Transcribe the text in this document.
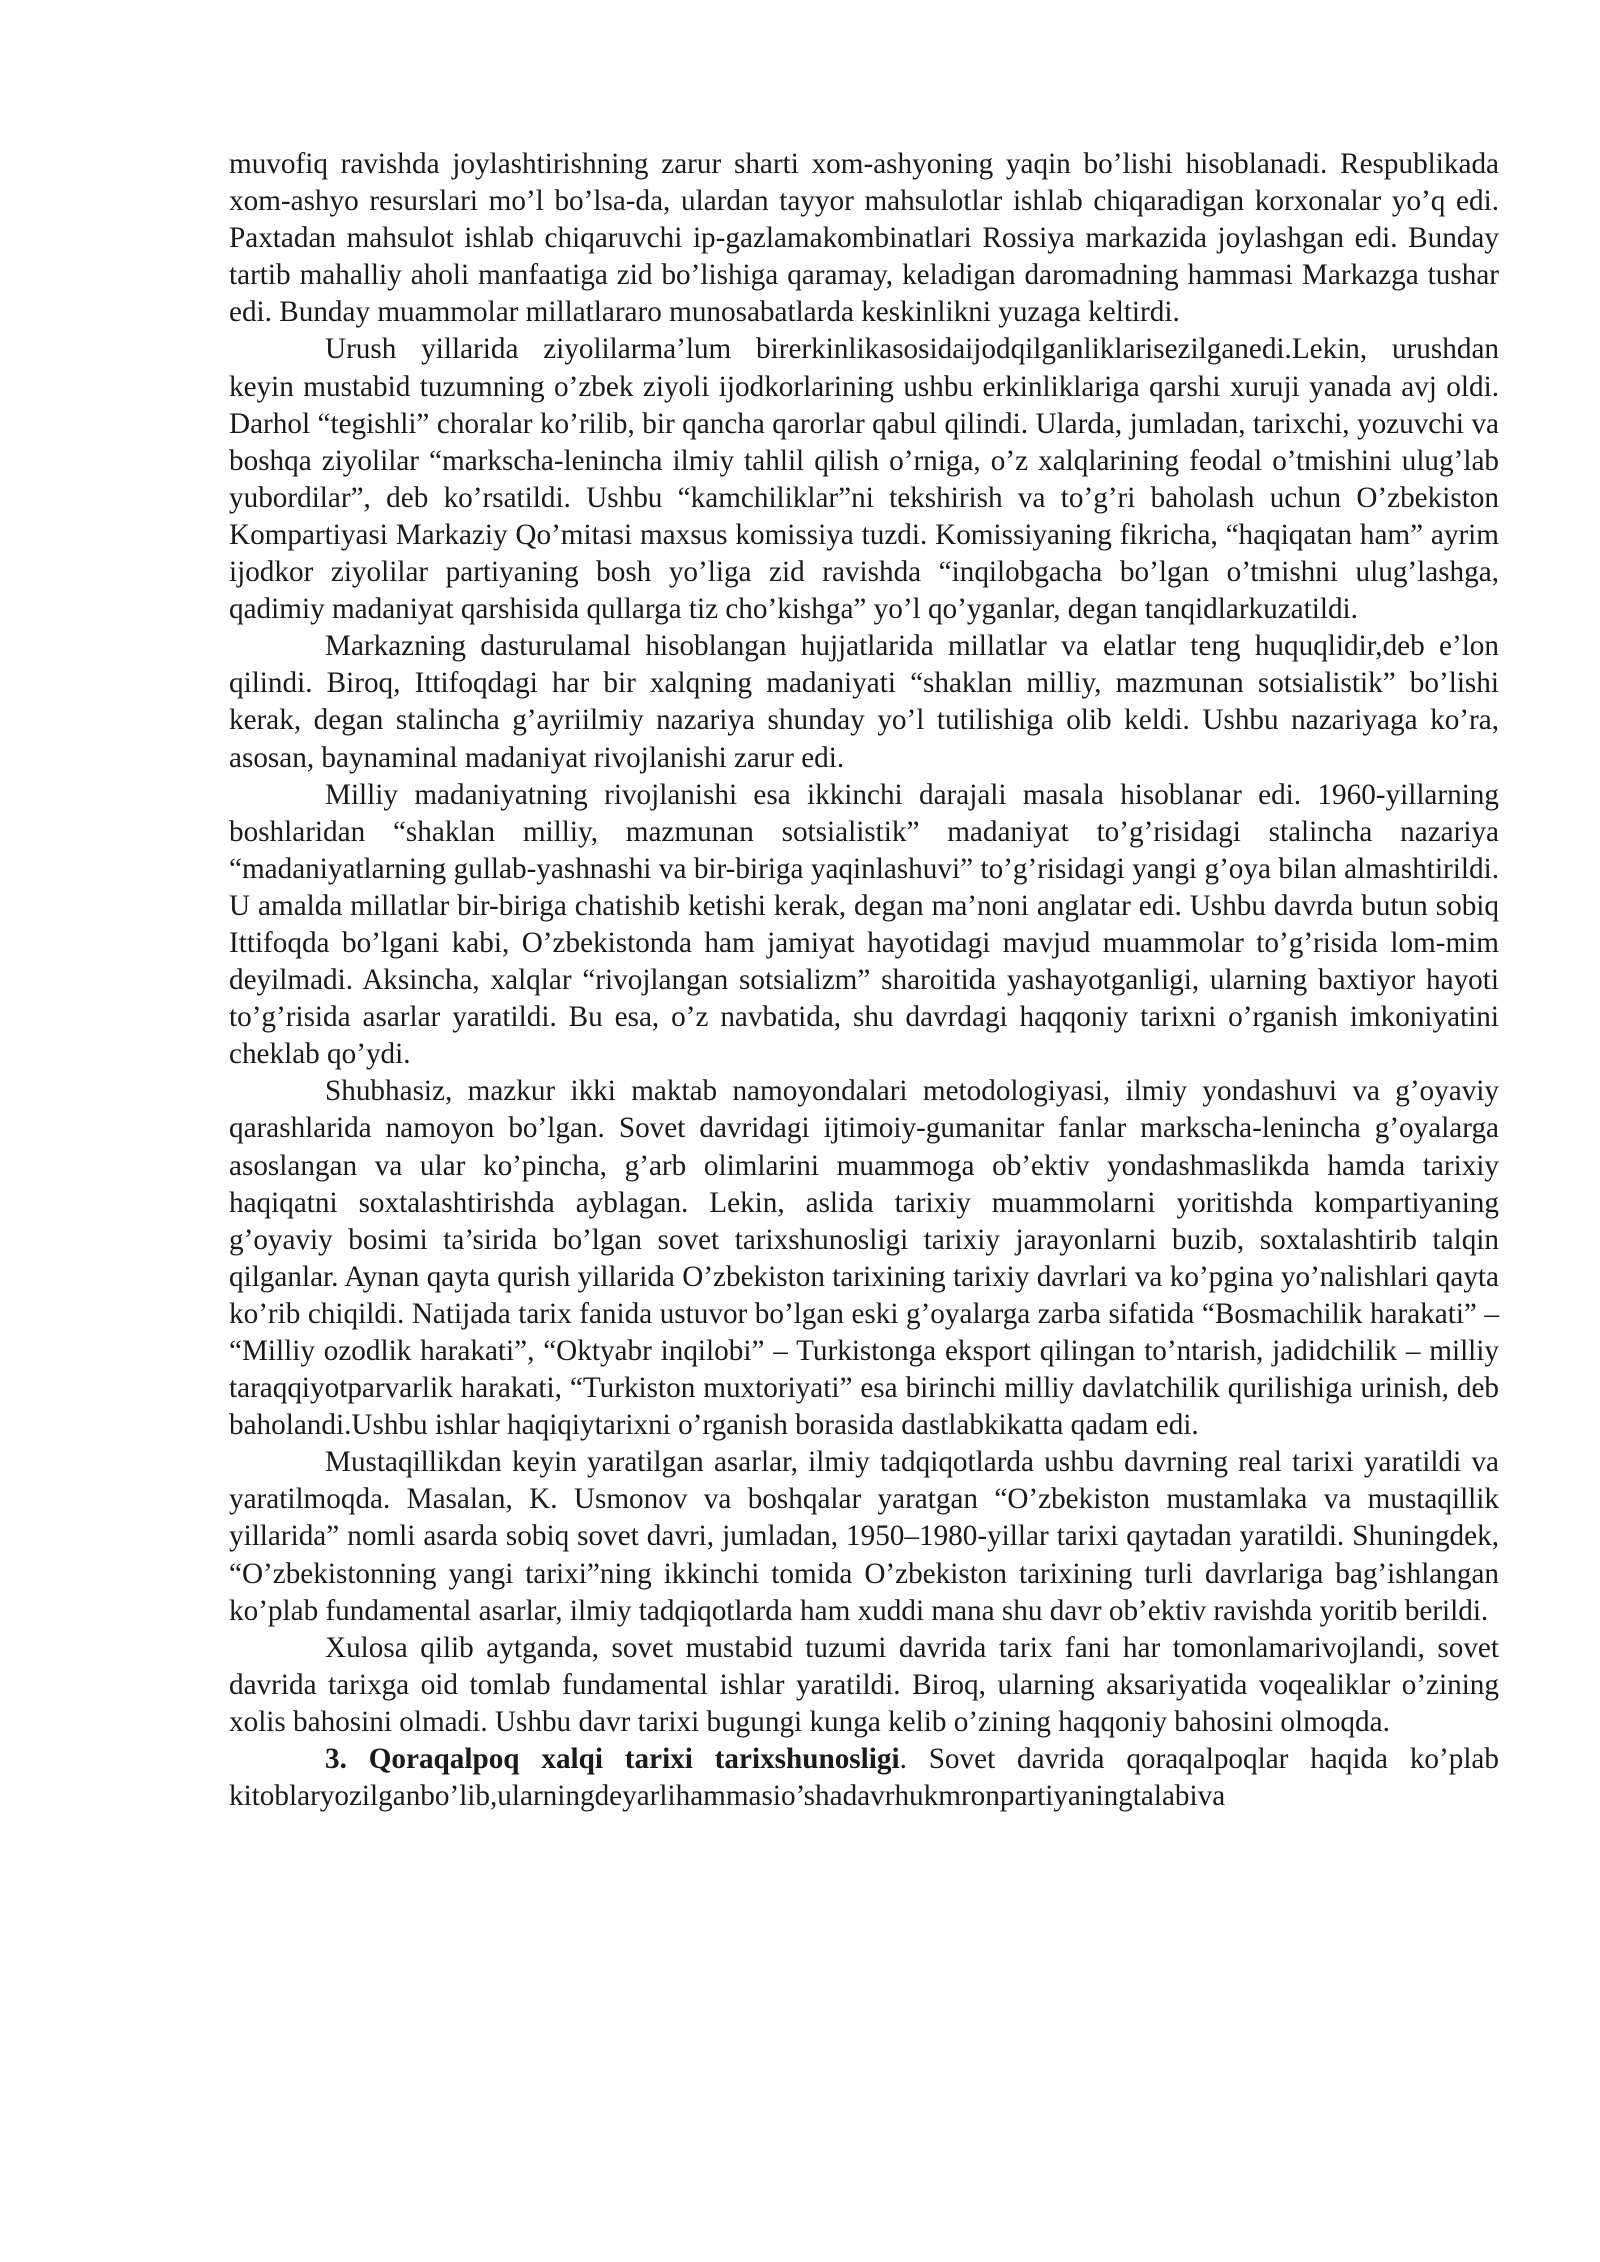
muvofiq ravishda joylashtirishning zarur sharti xom-ashyoning yaqin bo’lishi hisoblanadi. Respublikada xom-ashyo resurslari mo’l bo’lsa-da, ulardan tayyor mahsulotlar ishlab chiqaradigan korxonalar yo’q edi. Paxtadan mahsulot ishlab chiqaruvchi ip-gazlamakombinatlari Rossiya markazida joylashgan edi. Bunday tartib mahalliy aholi manfaatiga zid bo’lishiga qaramay, keladigan daromadning hammasi Markazga tushar edi. Bunday muammolar millatlararo munosabatlarda keskinlikni yuzaga keltirdi.

Urush yillarida ziyolilarma’lum birerkinlikasosidaijodqilganliklarisezilganedi.Lekin, urushdan keyin mustabid tuzumning o’zbek ziyoli ijodkorlarining ushbu erkinliklariga qarshi xuruji yanada avj oldi. Darhol “tegishli” choralar ko’rilib, bir qancha qarorlar qabul qilindi. Ularda, jumladan, tarixchi, yozuvchi va boshqa ziyolilar “markscha-lenincha ilmiy tahlil qilish o’rniga, o’z xalqlarining feodal o’tmishini ulug’lab yubordilar”, deb ko’rsatildi. Ushbu “kamchiliklar”ni tekshirish va to’g’ri baholash uchun O’zbekiston Kompartiyasi Markaziy Qo’mitasi maxsus komissiya tuzdi. Komissiyaning fikricha, “haqiqatan ham” ayrim ijodkor ziyolilar partiyaning bosh yo’liga zid ravishda “inqilobgacha bo’lgan o’tmishni ulug’lashga, qadimiy madaniyat qarshisida qullarga tiz cho’kishga” yo’l qo’yganlar, degan tanqidlarkuzatildi.

Markazning dasturulamal hisoblangan hujjatlarida millatlar va elatlar teng huquqlidir,deb e’lon qilindi. Biroq, Ittifoqdagi har bir xalqning madaniyati “shaklan milliy, mazmunan sotsialistik” bo’lishi kerak, degan stalincha g’ayriilmiy nazariya shunday yo’l tutilishiga olib keldi. Ushbu nazariyaga ko’ra, asosan, baynaminal madaniyat rivojlanishi zarur edi.

Milliy madaniyatning rivojlanishi esa ikkinchi darajali masala hisoblanar edi. 1960-yillarning boshlaridan “shaklan milliy, mazmunan sotsialistik” madaniyat to’g’risidagi stalincha nazariya “madaniyatlarning gullab-yashnashi va bir-biriga yaqinlashuvi” to’g’risidagi yangi g’oya bilan almashtirildi. U amalda millatlar bir-biriga chatishib ketishi kerak, degan ma’noni anglatar edi. Ushbu davrda butun sobiq Ittifoqda bo’lgani kabi, O’zbekistonda ham jamiyat hayotidagi mavjud muammolar to’g’risida lom-mim deyilmadi. Aksincha, xalqlar “rivojlangan sotsializm” sharoitida yashayotganligi, ularning baxtiyor hayoti to’g’risida asarlar yaratildi. Bu esa, o’z navbatida, shu davrdagi haqqoniy tarixni o’rganish imkoniyatini cheklab qo’ydi.

Shubhasiz, mazkur ikki maktab namoyondalari metodologiyasi, ilmiy yondashuvi va g’oyaviy qarashlarida namoyon bo’lgan. Sovet davridagi ijtimoiy-gumanitar fanlar markscha-lenincha g’oyalarga asoslangan va ular ko’pincha, g’arb olimlarini muammoga ob’ektiv yondashmaslikda hamda tarixiy haqiqatni soxtalashtirishda ayblagan. Lekin, aslida tarixiy muammolarni yoritishda kompartiyaning g’oyaviy bosimi ta’sirida bo’lgan sovet tarixshunosligi tarixiy jarayonlarni buzib, soxtalashtirib talqin qilganlar. Aynan qayta qurish yillarida O’zbekiston tarixining tarixiy davrlari va ko’pgina yo’nalishlari qayta ko’rib chiqildi. Natijada tarix fanida ustuvor bo’lgan eski g’oyalarga zarba sifatida “Bosmachilik harakati” – “Milliy ozodlik harakati”, “Oktyabr inqilobi” – Turkistonga eksport qilingan to’ntarish, jadidchilik – milliy taraqqiyotparvarlik harakati, “Turkiston muxtoriyati” esa birinchi milliy davlatchilik qurilishiga urinish, deb baholandi.Ushbu ishlar haqiqiytarixni o’rganish borasida dastlabkikatta qadam edi.

Mustaqillikdan keyin yaratilgan asarlar, ilmiy tadqiqotlarda ushbu davrning real tarixi yaratildi va yaratilmoqda. Masalan, K. Usmonov va boshqalar yaratgan “O’zbekiston mustamlaka va mustaqillik yillarida” nomli asarda sobiq sovet davri, jumladan, 1950–1980-yillar tarixi qaytadan yaratildi. Shuningdek, “O’zbekistonning yangi tarixi”ning ikkinchi tomida O’zbekiston tarixining turli davrlariga bag’ishlangan ko’plab fundamental asarlar, ilmiy tadqiqotlarda ham xuddi mana shu davr ob’ektiv ravishda yoritib berildi.

Xulosa qilib aytganda, sovet mustabid tuzumi davrida tarix fani har tomonlamarivojlandi, sovet davrida tarixga oid tomlab fundamental ishlar yaratildi. Biroq, ularning aksariyatida voqealiklar o’zining xolis bahosini olmadi. Ushbu davr tarixi bugungi kunga kelib o’zining haqqoniy bahosini olmoqda.

3. Qoraqalpoq xalqi tarixi tarixshunosligi. Sovet davrida qoraqalpoqlar haqida ko’plab kitoblaryozilganbo’lib,ularningdeyarlihammasio’shadavrhukmronpartiyaningtalabiva
